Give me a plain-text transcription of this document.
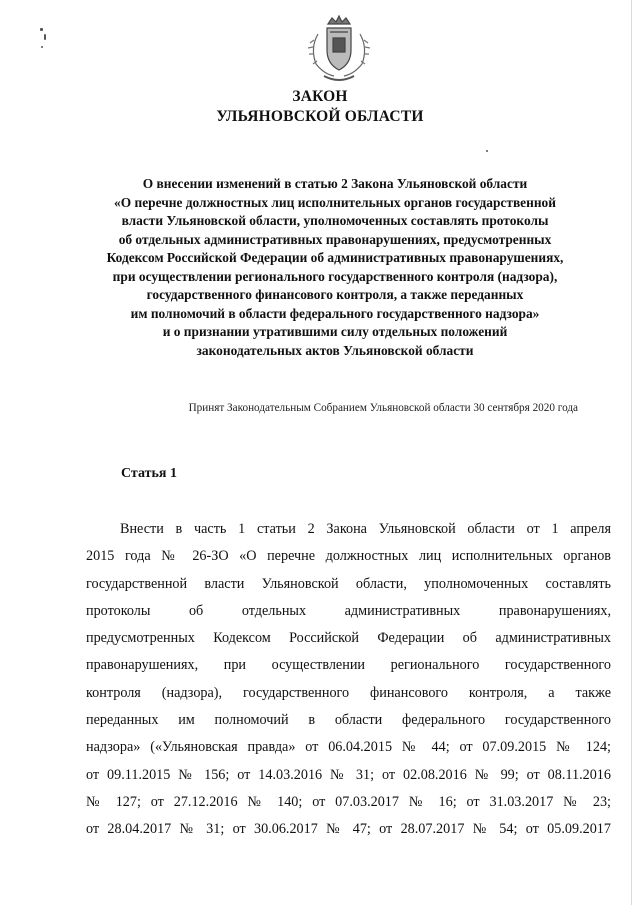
ЗАКОН
УЛЬЯНОВСКОЙ ОБЛАСТИ
О внесении изменений в статью 2 Закона Ульяновской области
«О перечне должностных лиц исполнительных органов государственной
власти Ульяновской области, уполномоченных составлять протоколы
об отдельных административных правонарушениях, предусмотренных
Кодексом Российской Федерации об административных правонарушениях,
при осуществлении регионального государственного контроля (надзора),
государственного финансового контроля, а также переданных
им полномочий в области федерального государственного надзора»
и о признании утратившими силу отдельных положений
законодательных актов Ульяновской области
Принят Законодательным Собранием Ульяновской области 30 сентября 2020 года
Статья 1
Внести в часть 1 статьи 2 Закона Ульяновской области от 1 апреля
2015 года № 26-ЗО «О перечне должностных лиц исполнительных органов
государственной власти Ульяновской области, уполномоченных составлять
протоколы об отдельных административных правонарушениях,
предусмотренных Кодексом Российской Федерации об административных
правонарушениях, при осуществлении регионального государственного
контроля (надзора), государственного финансового контроля, а также
переданных им полномочий в области федерального государственного
надзора» («Ульяновская правда» от 06.04.2015 № 44; от 07.09.2015 № 124;
от 09.11.2015 № 156; от 14.03.2016 № 31; от 02.08.2016 № 99; от 08.11.2016
№ 127; от 27.12.2016 № 140; от 07.03.2017 № 16; от 31.03.2017 № 23;
от 28.04.2017 № 31; от 30.06.2017 № 47; от 28.07.2017 № 54; от 05.09.2017
